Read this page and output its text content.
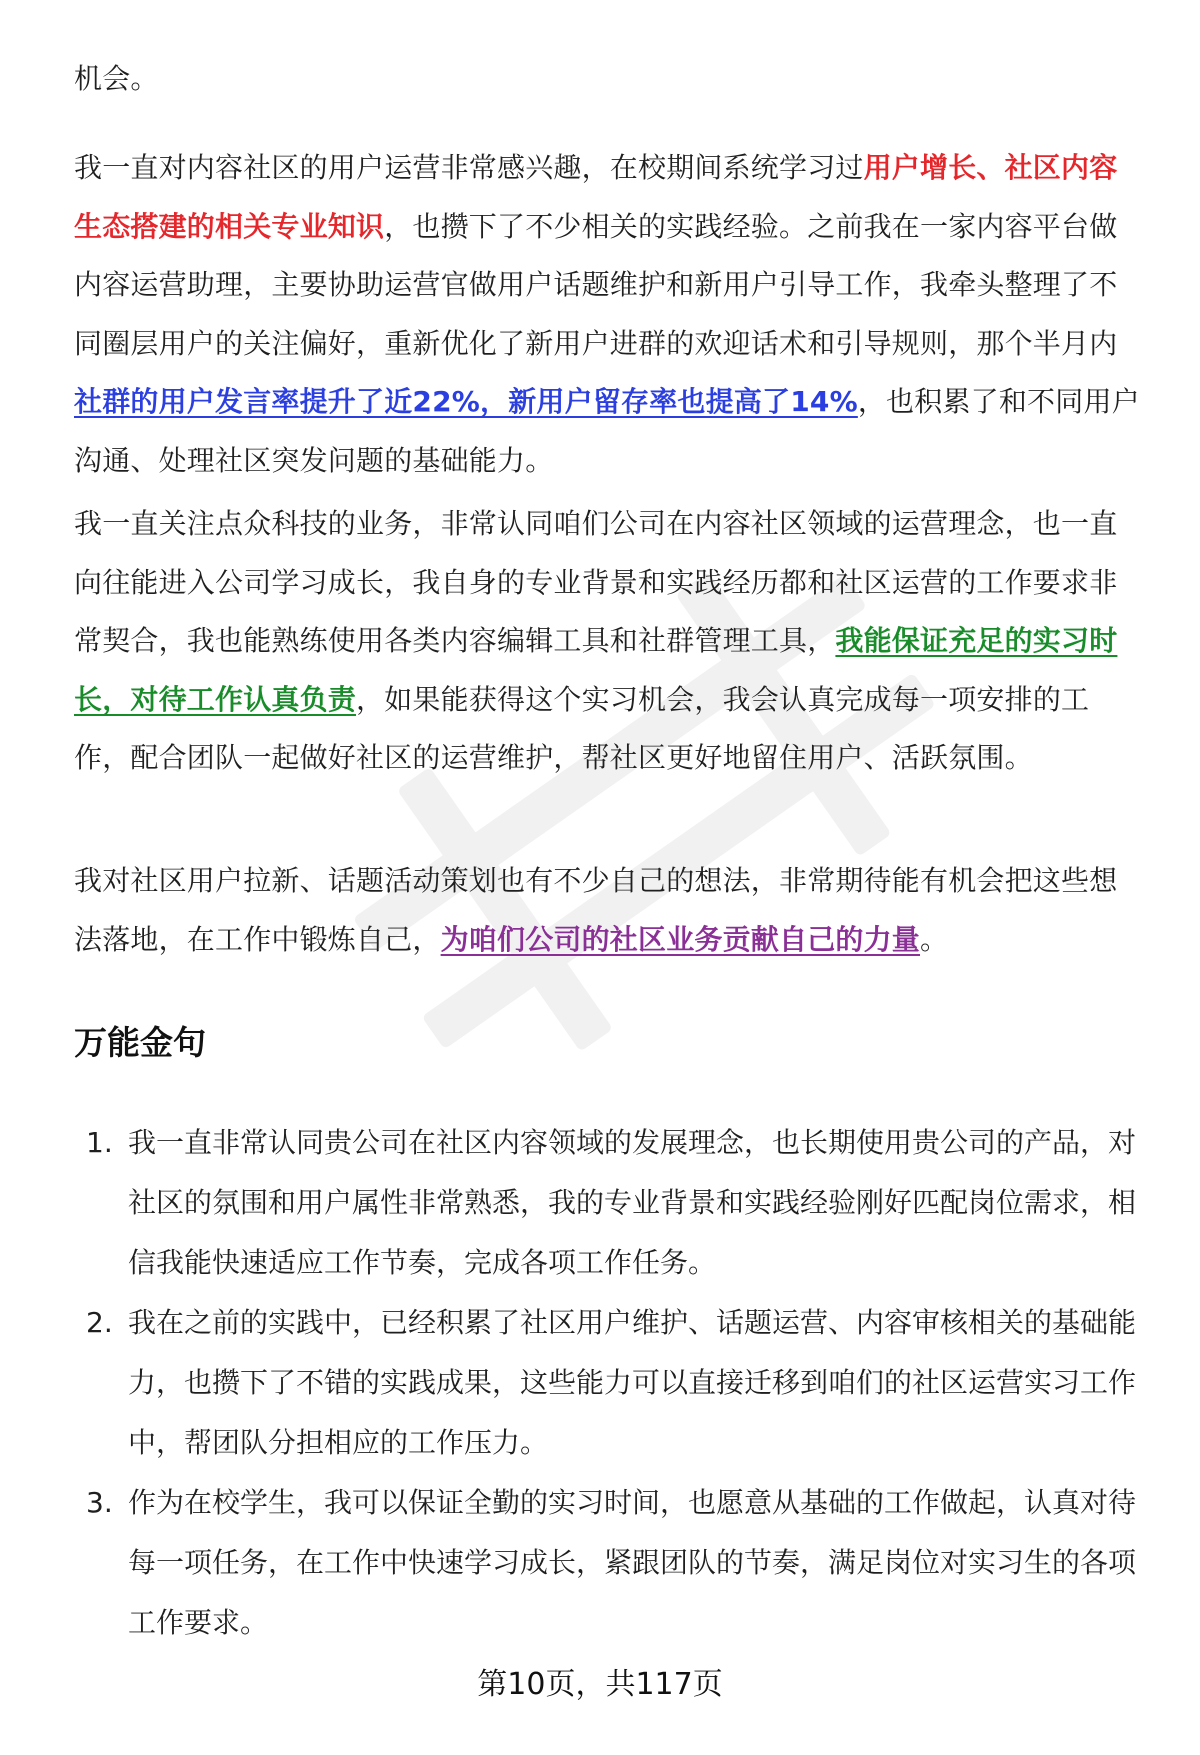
机会。
我一直对内容社区的用户运营非常感兴趣，在校期间系统学习过用户增长、社区内容生态搭建的相关专业知识，也攒下了不少相关的实践经验。之前我在一家内容平台做内容运营助理，主要协助运营官做用户话题维护和新用户引导工作，我牵头整理了不同圈层用户的关注偏好，重新优化了新用户进群的欢迎话术和引导规则，那个半月内社群的用户发言率提升了近22%，新用户留存率也提高了14%，也积累了和不同用户沟通、处理社区突发问题的基础能力。
我一直关注点众科技的业务，非常认同咱们公司在内容社区领域的运营理念，也一直向往能进入公司学习成长，我自身的专业背景和实践经历都和社区运营的工作要求非常契合，我也能熟练使用各类内容编辑工具和社群管理工具，我能保证充足的实习时长，对待工作认真负责，如果能获得这个实习机会，我会认真完成每一项安排的工作，配合团队一起做好社区的运营维护，帮社区更好地留住用户、活跃氛围。
我对社区用户拉新、话题活动策划也有不少自己的想法，非常期待能有机会把这些想法落地，在工作中锻炼自己，为咱们公司的社区业务贡献自己的力量。
万能金句
1. 我一直非常认同贵公司在社区内容领域的发展理念，也长期使用贵公司的产品，对社区的氛围和用户属性非常熟悉，我的专业背景和实践经验刚好匹配岗位需求，相信我能快速适应工作节奏，完成各项工作任务。
2. 我在之前的实践中，已经积累了社区用户维护、话题运营、内容审核相关的基础能力，也攒下了不错的实践成果，这些能力可以直接迁移到咱们的社区运营实习工作中，帮团队分担相应的工作压力。
3. 作为在校学生，我可以保证全勤的实习时间，也愿意从基础的工作做起，认真对待每一项任务，在工作中快速学习成长，紧跟团队的节奏，满足岗位对实习生的各项工作要求。
第10页，共117页
